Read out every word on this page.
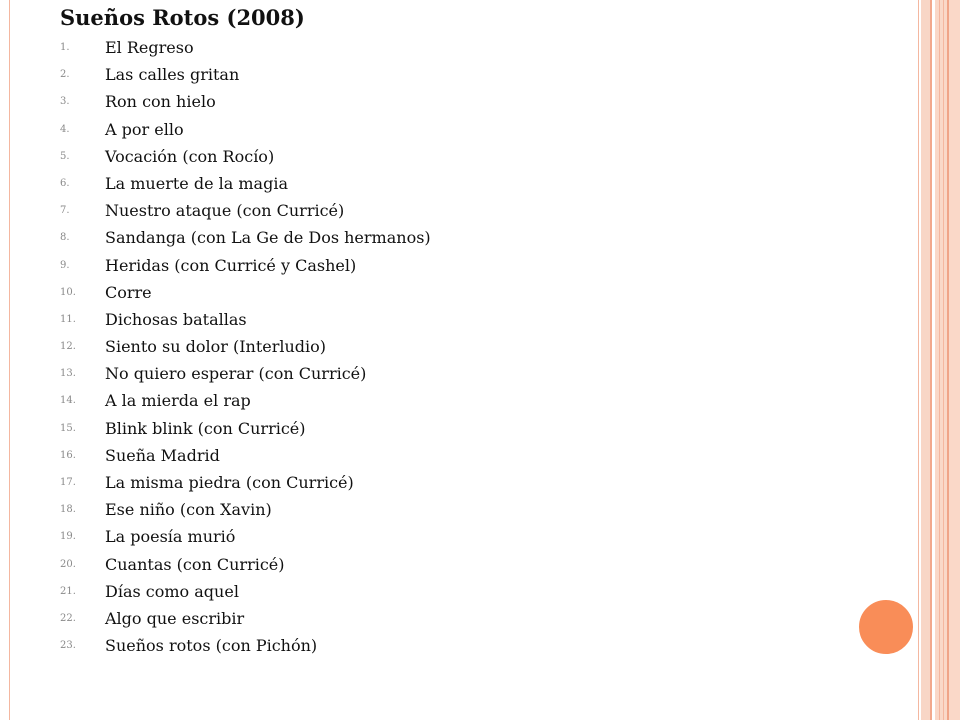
Sueños Rotos (2008)
1. El Regreso
2. Las calles gritan
3. Ron con hielo
4. A por ello
5. Vocación (con Rocío)
6. La muerte de la magia
7. Nuestro ataque (con Curricé)
8. Sandanga (con La Ge de Dos hermanos)
9. Heridas (con Curricé y Cashel)
10. Corre
11. Dichosas batallas
12. Siento su dolor (Interludio)
13. No quiero esperar (con Curricé)
14. A la mierda el rap
15. Blink blink (con Curricé)
16. Sueña Madrid
17. La misma piedra (con Curricé)
18. Ese niño (con Xavin)
19. La poesía murió
20. Cuantas (con Curricé)
21. Días como aquel
22. Algo que escribir
23. Sueños rotos (con Pichón)
